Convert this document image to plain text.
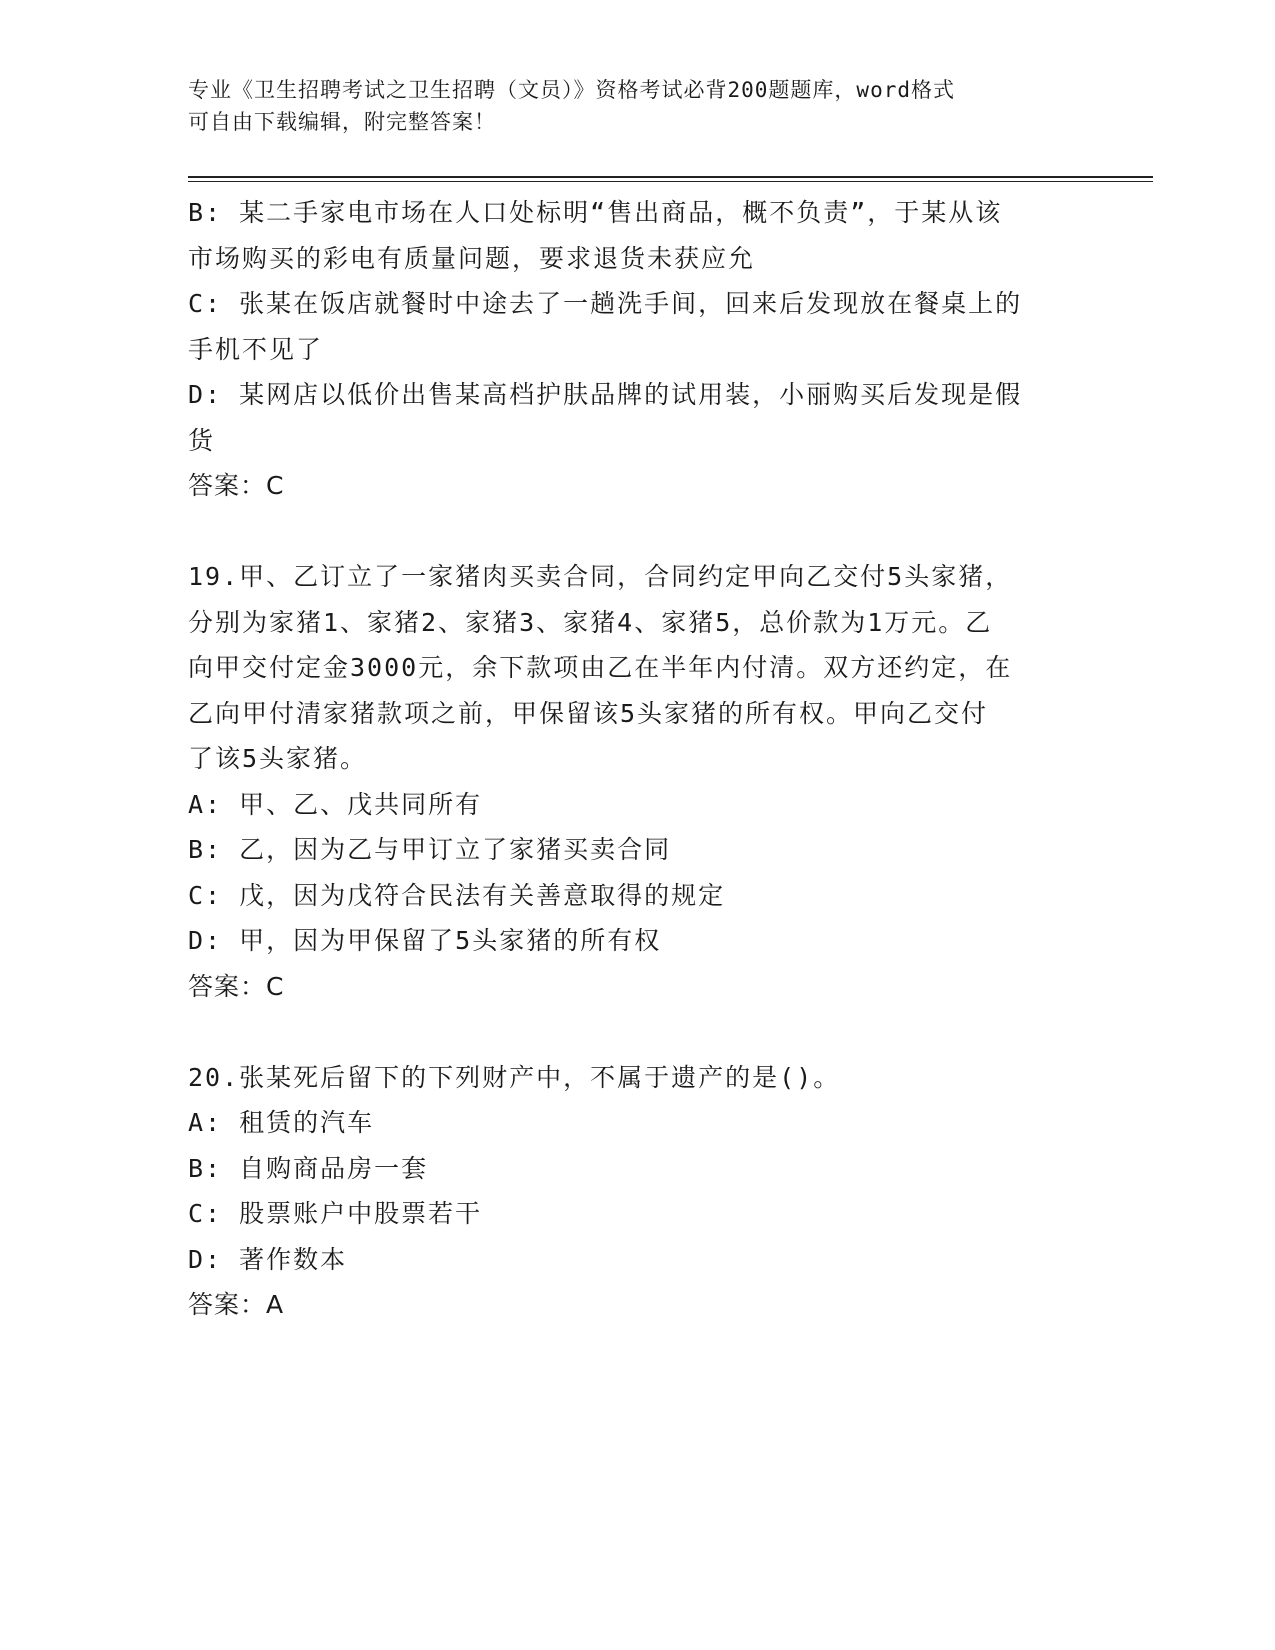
专业《卫生招聘考试之卫生招聘（文员）》资格考试必背200题题库，word格式
可自由下载编辑，附完整答案！
B: 某二手家电市场在人口处标明“售出商品，概不负责”，于某从该
市场购买的彩电有质量问题，要求退货未获应允
C: 张某在饭店就餐时中途去了一趟洗手间，回来后发现放在餐桌上的
手机不见了
D: 某网店以低价出售某高档护肤品牌的试用装，小丽购买后发现是假
货
答案：C
19.甲、乙订立了一家猪肉买卖合同，合同约定甲向乙交付5头家猪，
分别为家猪1、家猪2、家猪3、家猪4、家猪5，总价款为1万元。乙
向甲交付定金3000元，余下款项由乙在半年内付清。双方还约定，在
乙向甲付清家猪款项之前，甲保留该5头家猪的所有权。甲向乙交付
了该5头家猪。
A: 甲、乙、戊共同所有
B: 乙，因为乙与甲订立了家猪买卖合同
C: 戊，因为戊符合民法有关善意取得的规定
D: 甲，因为甲保留了5头家猪的所有权
答案：C
20.张某死后留下的下列财产中，不属于遗产的是()。
A: 租赁的汽车
B: 自购商品房一套
C: 股票账户中股票若干
D: 著作数本
答案：A
